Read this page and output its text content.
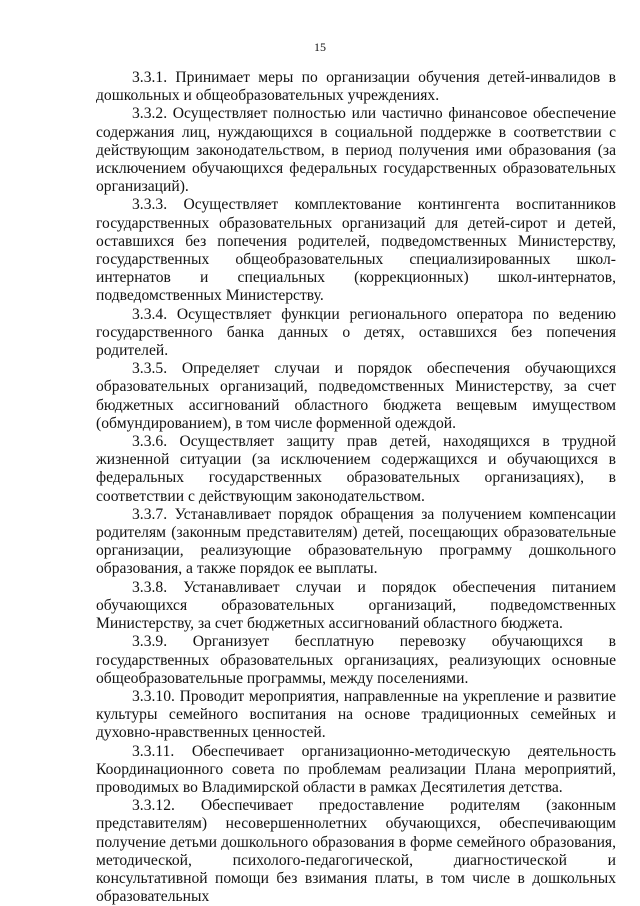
15

3.3.1. Принимает меры по организации обучения детей-инвалидов в дошкольных и общеобразовательных учреждениях.

3.3.2. Осуществляет полностью или частично финансовое обеспечение содержания лиц, нуждающихся в социальной поддержке в соответствии с действующим законодательством, в период получения ими образования (за исключением обучающихся федеральных государственных образовательных организаций).

3.3.3. Осуществляет комплектование контингента воспитанников государственных образовательных организаций для детей-сирот и детей, оставшихся без попечения родителей, подведомственных Министерству, государственных общеобразовательных специализированных школ-интернатов и специальных (коррекционных) школ-интернатов, подведомственных Министерству.

3.3.4. Осуществляет функции регионального оператора по ведению государственного банка данных о детях, оставшихся без попечения родителей.

3.3.5. Определяет случаи и порядок обеспечения обучающихся образовательных организаций, подведомственных Министерству, за счет бюджетных ассигнований областного бюджета вещевым имуществом (обмундированием), в том числе форменной одеждой.

3.3.6. Осуществляет защиту прав детей, находящихся в трудной жизненной ситуации (за исключением содержащихся и обучающихся в федеральных государственных образовательных организациях), в соответствии с действующим законодательством.

3.3.7. Устанавливает порядок обращения за получением компенсации родителям (законным представителям) детей, посещающих образовательные организации, реализующие образовательную программу дошкольного образования, а также порядок ее выплаты.

3.3.8. Устанавливает случаи и порядок обеспечения питанием обучающихся образовательных организаций, подведомственных Министерству, за счет бюджетных ассигнований областного бюджета.

3.3.9. Организует бесплатную перевозку обучающихся в государственных образовательных организациях, реализующих основные общеобразовательные программы, между поселениями.

3.3.10. Проводит мероприятия, направленные на укрепление и развитие культуры семейного воспитания на основе традиционных семейных и духовно-нравственных ценностей.

3.3.11. Обеспечивает организационно-методическую деятельность Координационного совета по проблемам реализации Плана мероприятий, проводимых во Владимирской области в рамках Десятилетия детства.

3.3.12. Обеспечивает предоставление родителям (законным представителям) несовершеннолетних обучающихся, обеспечивающим получение детьми дошкольного образования в форме семейного образования, методической, психолого-педагогической, диагностической и консультативной помощи без взимания платы, в том числе в дошкольных образовательных
